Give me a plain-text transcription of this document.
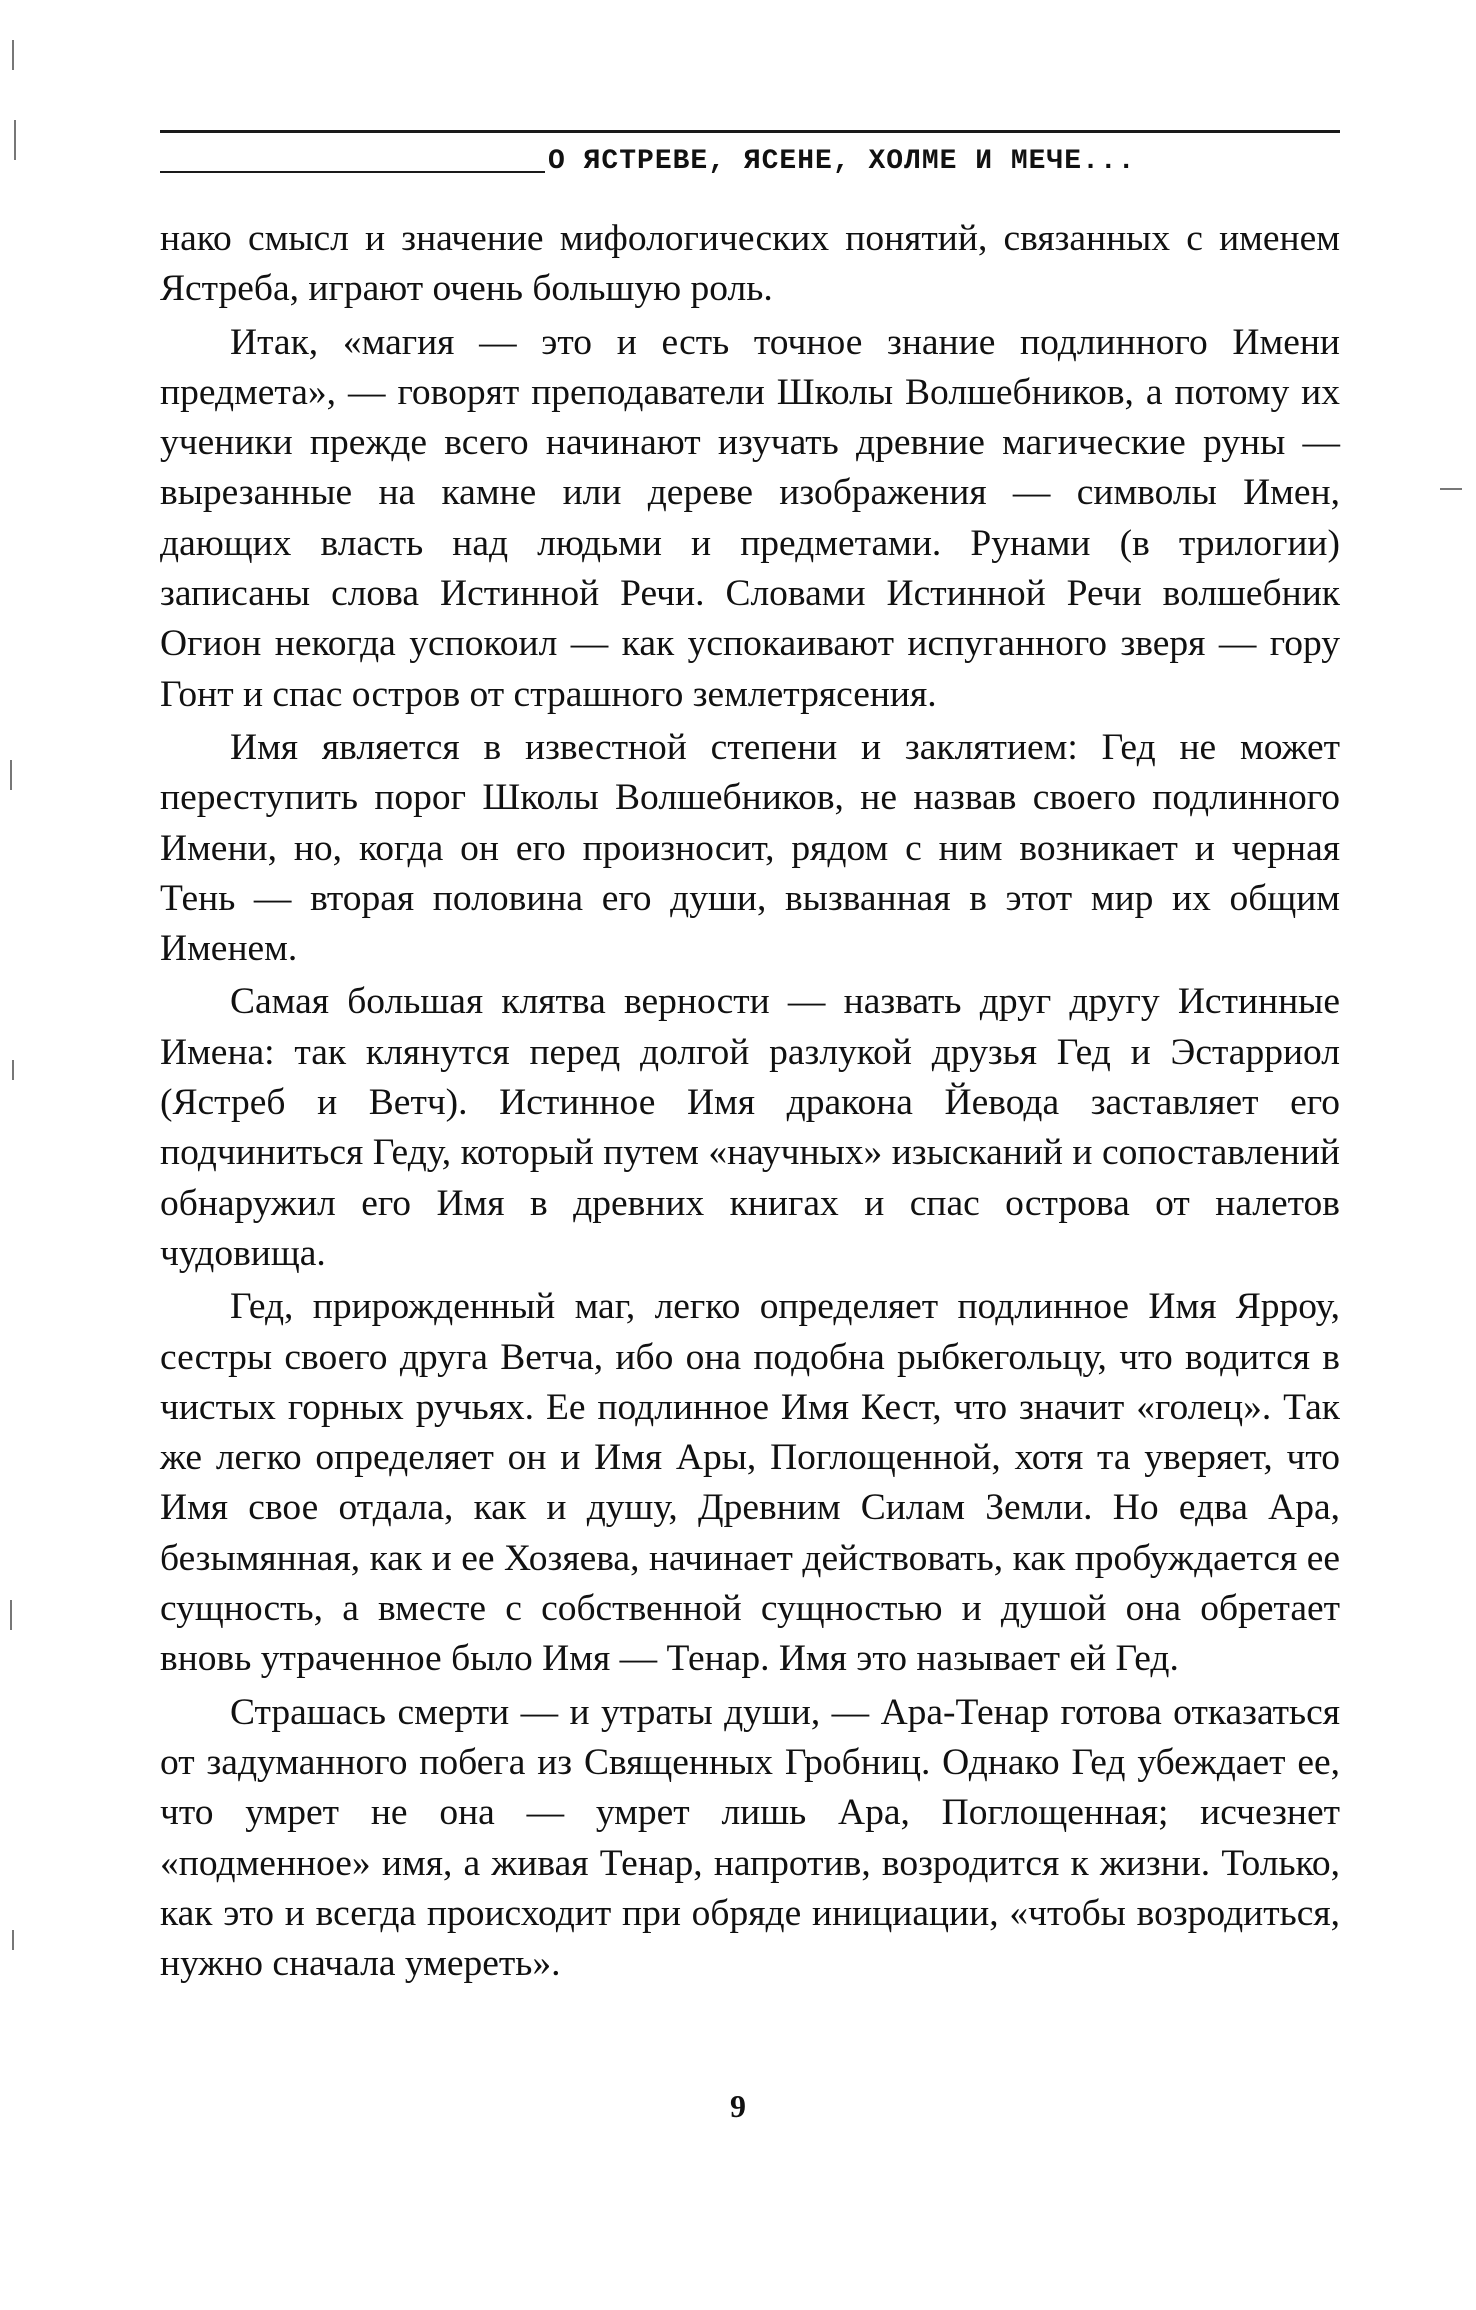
О ЯСТРЕВЕ, ЯСЕНЕ, ХОЛМЕ И МЕЧЕ...

нако смысл и значение мифологических понятий, связанных с именем Ястреба, играют очень большую роль.

Итак, «магия — это и есть точное знание подлинного Имени предмета», — говорят преподаватели Школы Волшебников, а потому их ученики прежде всего начинают изучать древние магические руны — вырезанные на камне или дереве изображения — символы Имен, дающих власть над людьми и предметами. Рунами (в трилогии) записаны слова Истинной Речи. Словами Истинной Речи волшебник Огион некогда успокоил — как успокаивают испуганного зверя — гору Гонт и спас остров от страшного землетрясения.

Имя является в известной степени и заклятием: Гед не может переступить порог Школы Волшебников, не назвав своего подлинного Имени, но, когда он его произносит, рядом с ним возникает и черная Тень — вторая половина его души, вызванная в этот мир их общим Именем.

Самая большая клятва верности — назвать друг другу Истинные Имена: так клянутся перед долгой разлукой друзья Гед и Эстарриол (Ястреб и Ветч). Истинное Имя дракона Йевода заставляет его подчиниться Геду, который путем «научных» изысканий и сопоставлений обнаружил его Имя в древних книгах и спас острова от налетов чудовища.

Гед, прирожденный маг, легко определяет подлинное Имя Ярроу, сестры своего друга Ветча, ибо она подобна рыбкегольцу, что водится в чистых горных ручьях. Ее подлинное Имя Кест, что значит «голец». Так же легко определяет он и Имя Ары, Поглощенной, хотя та уверяет, что Имя свое отдала, как и душу, Древним Силам Земли. Но едва Ара, безымянная, как и ее Хозяева, начинает действовать, как пробуждается ее сущность, а вместе с собственной сущностью и душой она обретает вновь утраченное было Имя — Тенар. Имя это называет ей Гед.

Страшась смерти — и утраты души, — Ара-Тенар готова отказаться от задуманного побега из Священных Гробниц. Однако Гед убеждает ее, что умрет не она — умрет лишь Ара, Поглощенная; исчезнет «подменное» имя, а живая Тенар, напротив, возродится к жизни. Только, как это и всегда происходит при обряде инициации, «чтобы возродиться, нужно сначала умереть».

9
